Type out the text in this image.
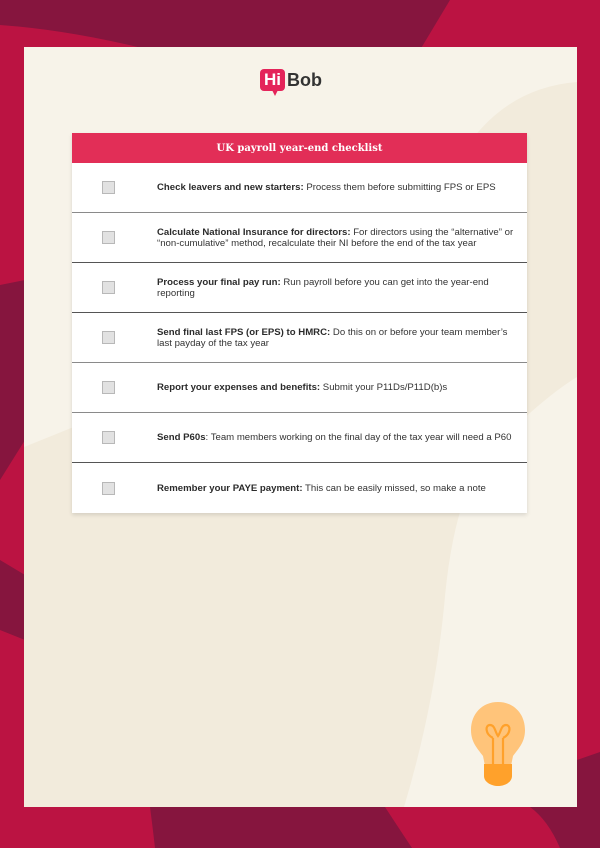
Hi Bob
UK payroll year-end checklist
Check leavers and new starters: Process them before submitting FPS or EPS
Calculate National Insurance for directors: For directors using the “alternative” or “non-cumulative” method, recalculate their NI before the end of the tax year
Process your final pay run: Run payroll before you can get into the year-end reporting
Send final last FPS (or EPS) to HMRC: Do this on or before your team member’s last payday of the tax year
Report your expenses and benefits: Submit your P11Ds/P11D(b)s
Send P60s: Team members working on the final day of the tax year will need a P60
Remember your PAYE payment: This can be easily missed, so make a note
